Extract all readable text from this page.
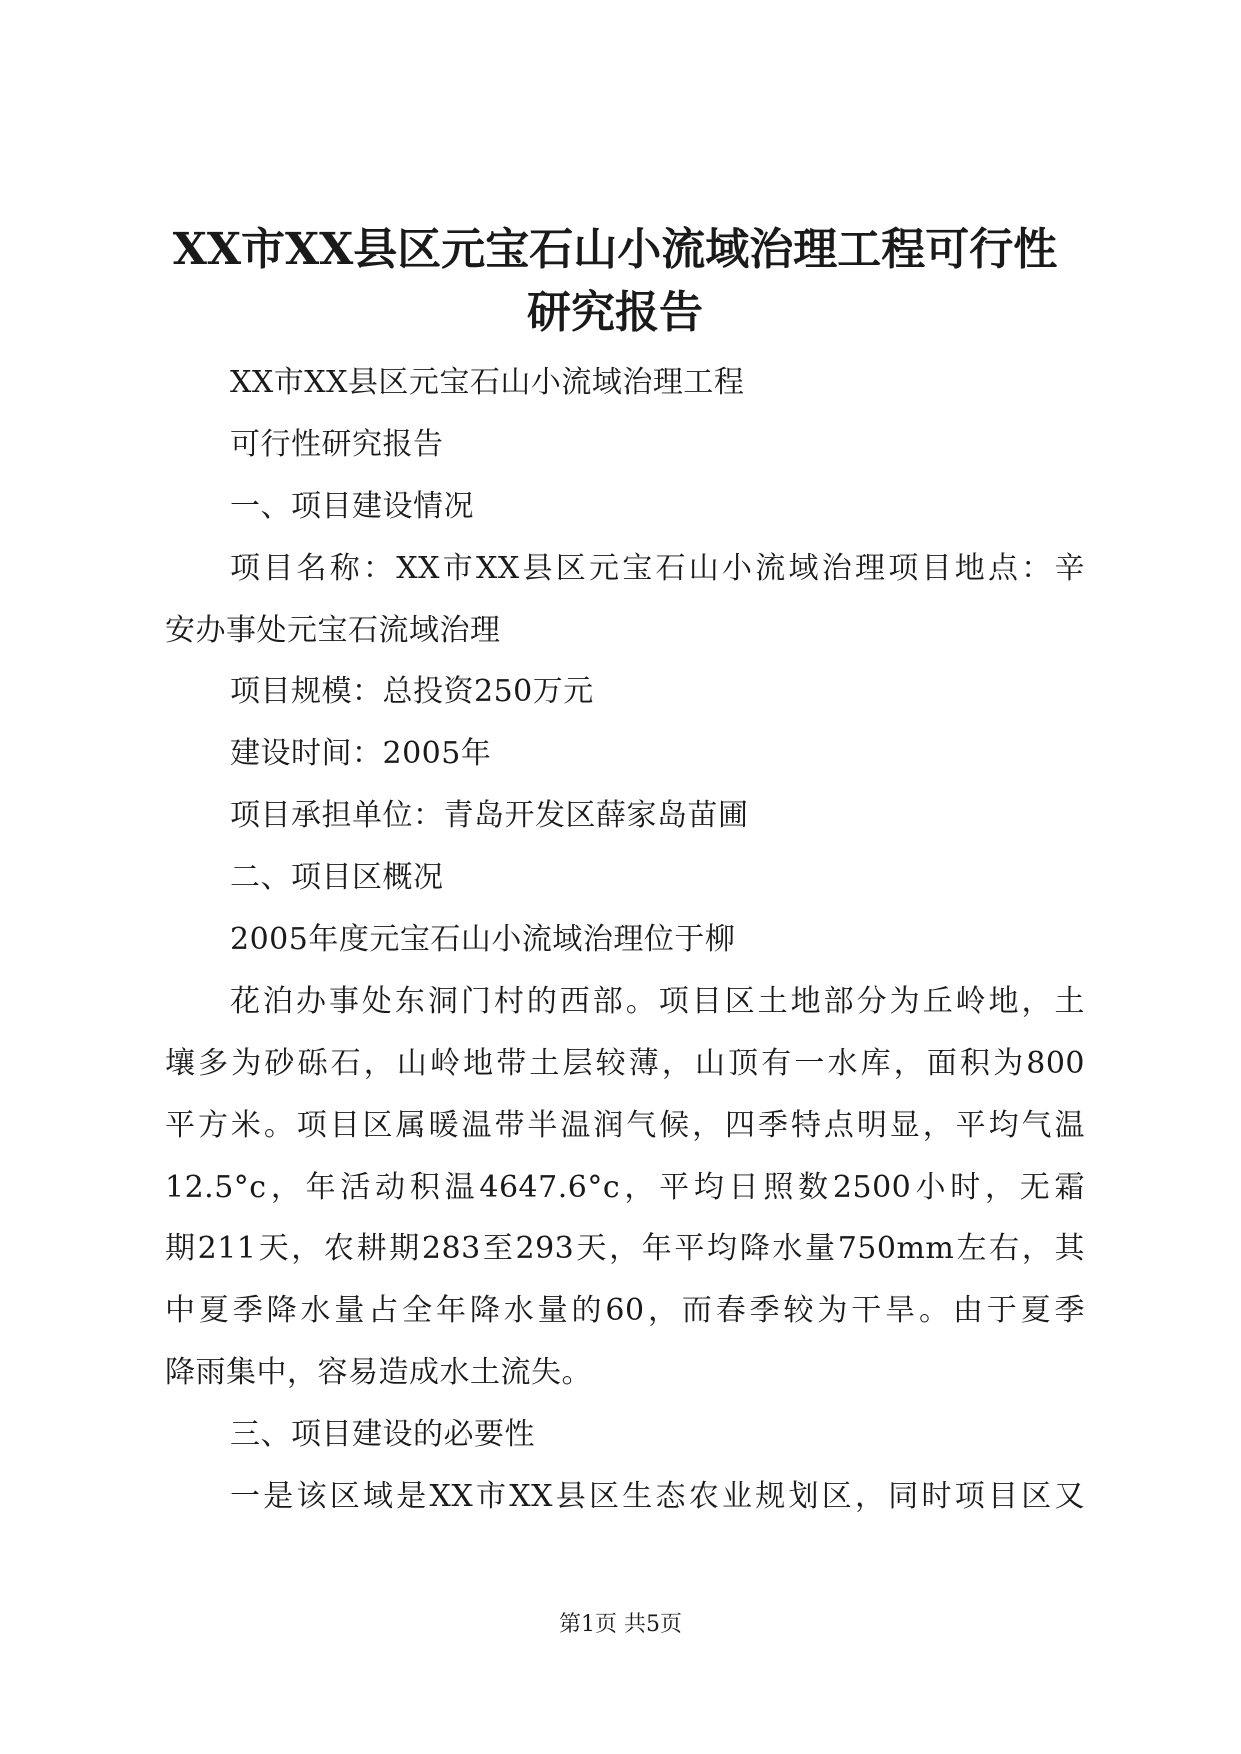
XX市XX县区元宝石山小流域治理工程可行性
研究报告
XX市XX县区元宝石山小流域治理工程
可行性研究报告
一、项目建设情况
项目名称：XX市XX县区元宝石山小流域治理项目地点：辛
安办事处元宝石流域治理
项目规模：总投资250万元
建设时间：2005年
项目承担单位：青岛开发区薛家岛苗圃
二、项目区概况
2005年度元宝石山小流域治理位于柳
花泊办事处东洞门村的西部。项目区土地部分为丘岭地，土
壤多为砂砾石，山岭地带土层较薄，山顶有一水库，面积为800
平方米。项目区属暖温带半温润气候，四季特点明显，平均气温
12.5°c，年活动积温4647.6°c，平均日照数2500小时，无霜
期211天，农耕期283至293天，年平均降水量750mm左右，其
中夏季降水量占全年降水量的60，而春季较为干旱。由于夏季
降雨集中，容易造成水土流失。
三、项目建设的必要性
一是该区域是XX市XX县区生态农业规划区，同时项目区又
第1页 共5页
